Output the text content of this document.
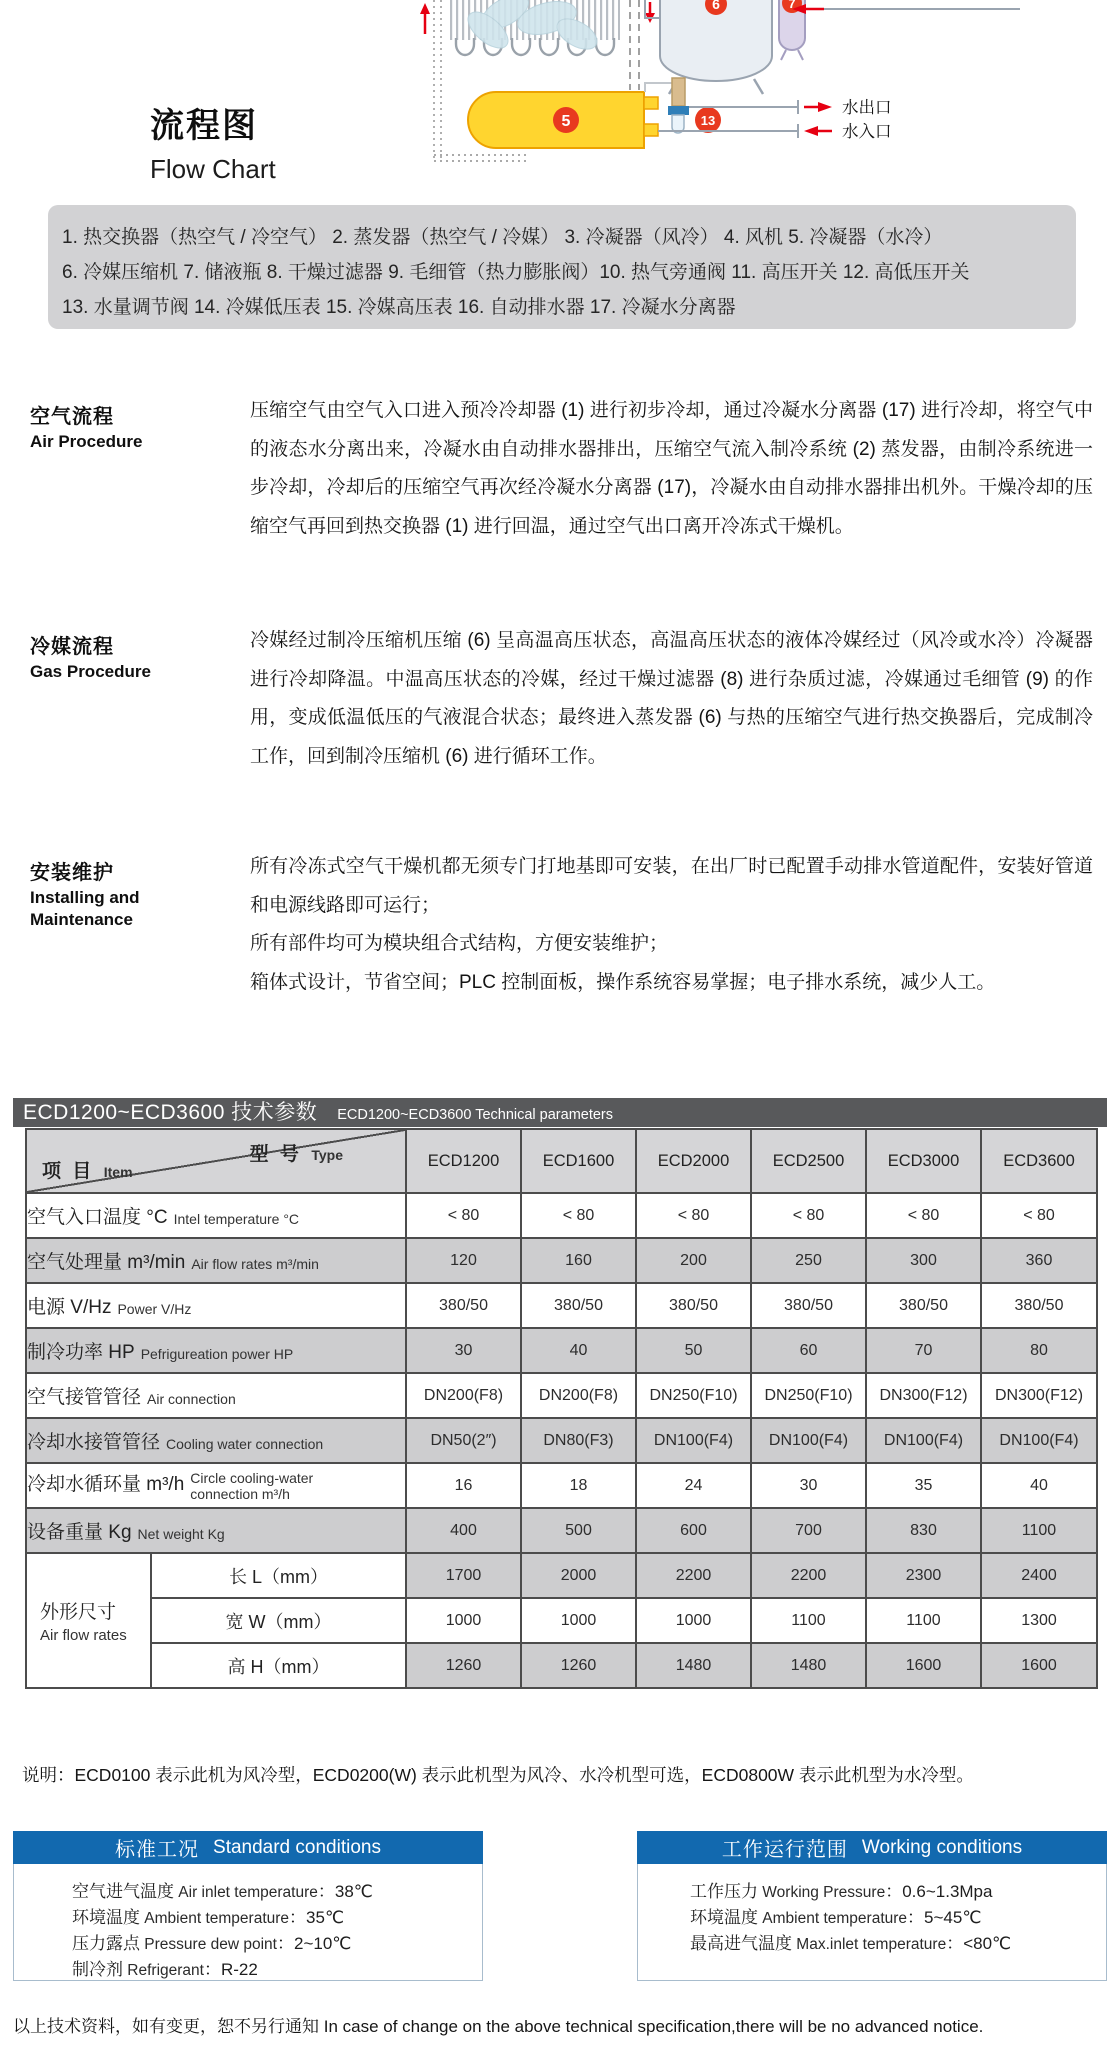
流程图
Flow Chart
6	7
5	13
水出口
水入口
1. 热交换器（热空气 / 冷空气） 2. 蒸发器（热空气 / 冷媒） 3. 冷凝器（风冷） 4. 风机 5. 冷凝器（水冷）
6. 冷媒压缩机 7. 储液瓶 8. 干燥过滤器 9. 毛细管（热力膨胀阀）10. 热气旁通阀 11. 高压开关 12. 高低压开关
13. 水量调节阀 14. 冷媒低压表 15. 冷媒高压表 16. 自动排水器 17. 冷凝水分离器
空气流程
Air Procedure

压缩空气由空气入口进入预冷冷却器 (1) 进行初步冷却，通过冷凝水分离器 (17) 进行冷却，将空气中的液态水分离出来，冷凝水由自动排水器排出，压缩空气流入制冷系统 (2) 蒸发器，由制冷系统进一步冷却，冷却后的压缩空气再次经冷凝水分离器 (17)，冷凝水由自动排水器排出机外。干燥冷却的压缩空气再回到热交换器 (1) 进行回温，通过空气出口离开冷冻式干燥机。

冷媒流程
Gas Procedure

冷媒经过制冷压缩机压缩 (6) 呈高温高压状态，高温高压状态的液体冷媒经过（风冷或水冷）冷凝器进行冷却降温。中温高压状态的冷媒，经过干燥过滤器 (8) 进行杂质过滤，冷媒通过毛细管 (9) 的作用，变成低温低压的气液混合状态；最终进入蒸发器 (6) 与热的压缩空气进行热交换器后，完成制冷工作，回到制冷压缩机 (6) 进行循环工作。

安装维护
Installing and Maintenance

所有冷冻式空气干燥机都无须专门打地基即可安装，在出厂时已配置手动排水管道配件，安装好管道和电源线路即可运行；

所有部件均可为模块组合式结构，方便安装维护；

箱体式设计，节省空间；PLC 控制面板，操作系统容易掌握；电子排水系统，减少人工。

ECD1200~ECD3600 技术参数 ECD1200~ECD3600 Technical parameters
型 号 Type
项 目 Item		ECD1200	ECD1600	ECD2000	ECD2500	ECD3000	ECD3600
空气入口温度 °C Intel temperature °C		< 80	< 80	< 80	< 80	< 80	< 80
空气处理量 m³/min Air flow rates m³/min		120	160	200	250	300	360
电源 V/Hz Power V/Hz		380/50	380/50	380/50	380/50	380/50	380/50
制冷功率 HP Pefrigureation power HP		30	40	50	60	70	80
空气接管管径 Air connection		DN200(F8)	DN200(F8)	DN250(F10)	DN250(F10)	DN300(F12)	DN300(F12)
冷却水接管管径 Cooling water connection		DN50(2″)	DN80(F3)	DN100(F4)	DN100(F4)	DN100(F4)	DN100(F4)
冷却水循环量 m³/h Circle cooling-water connection m³/h		16	18	24	30	35	40
设备重量 Kg Net weight Kg		400	500	600	700	830	1100

外形尺寸
Air flow rates	长 L（mm）	1700	2000	2200	2200	2300	2400
	宽 W（mm）	1000	1000	1000	1100	1100	1300
	高 H（mm）	1260	1260	1480	1480	1600	1600
说明：ECD0100 表示此机为风冷型，ECD0200(W) 表示此机型为风冷、水冷机型可选，ECD0800W 表示此机型为水冷型。
标准工况 Standard conditions
空气进气温度 Air inlet temperature：38℃
环境温度 Ambient temperature：35℃
压力露点 Pressure dew point：2~10℃
制冷剂 Refrigerant：R-22
工作运行范围 Working conditions
工作压力 Working Pressure：0.6~1.3Mpa
环境温度 Ambient temperature：5~45℃
最高进气温度 Max.inlet temperature：<80℃
以上技术资料，如有变更，恕不另行通知 In case of change on the above technical specification,there will be no advanced notice.
